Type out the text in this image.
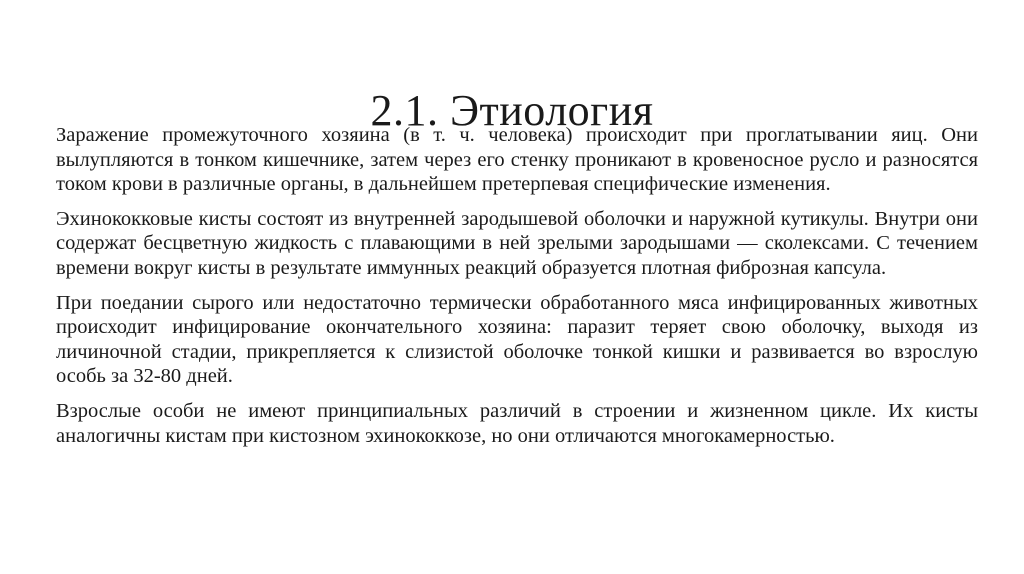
2.1. Этиология

Заражение промежуточного хозяина (в т. ч. человека) происходит при проглатывании яиц. Они вылупляются в тонком кишечнике, затем через его стенку проникают в кровеносное русло и разносятся током крови в различные органы, в дальнейшем претерпевая специфические изменения.

Эхинококковые кисты состоят из внутренней зародышевой оболочки и наружной кутикулы. Внутри они содержат бесцветную жидкость с плавающими в ней зрелыми зародышами — сколексами. С течением времени вокруг кисты в результате иммунных реакций образуется плотная фиброзная капсула.

При поедании сырого или недостаточно термически обработанного мяса инфицированных животных происходит инфицирование окончательного хозяина: паразит теряет свою оболочку, выходя из личиночной стадии, прикрепляется к слизистой оболочке тонкой кишки и развивается во взрослую особь за 32-80 дней.

Взрослые особи не имеют принципиальных различий в строении и жизненном цикле. Их кисты аналогичны кистам при кистозном эхинококкозе, но они отличаются многокамерностью.
